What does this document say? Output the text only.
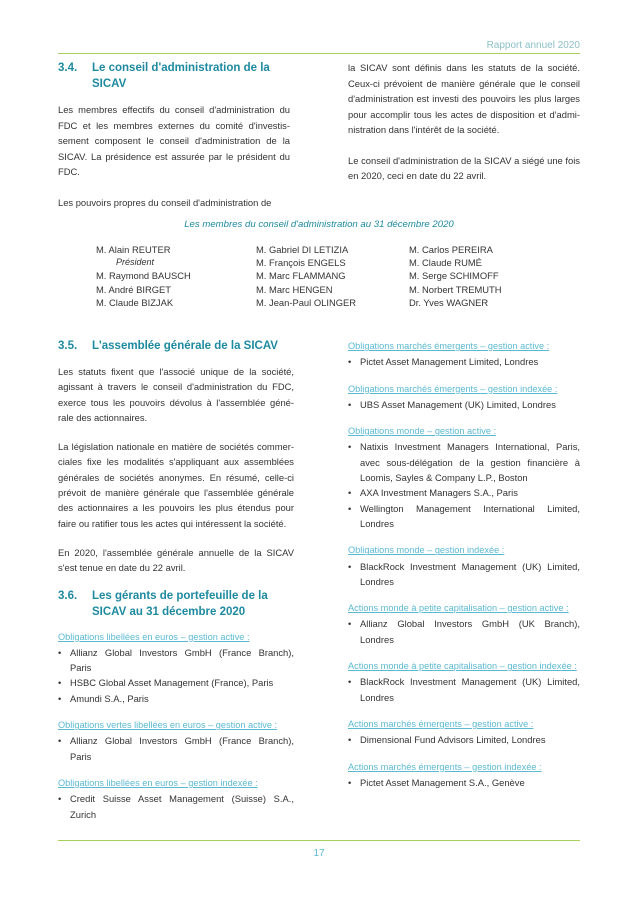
Rapport annuel 2020
3.4. Le conseil d'administration de la
SICAV

Les membres effectifs du conseil d'administration du FDC et les membres externes du comité d'investis-sement composent le conseil d'administration de la SICAV. La présidence est assurée par le président du FDC.

Les pouvoirs propres du conseil d'administration de

la SICAV sont définis dans les statuts de la société. Ceux-ci prévoient de manière générale que le conseil d'administration est investi des pouvoirs les plus larges pour accomplir tous les actes de disposition et d'admi-nistration dans l'intérêt de la société.

Le conseil d'administration de la SICAV a siégé une fois en 2020, ceci en date du 22 avril.

Les membres du conseil d'administration au 31 décembre 2020
M. Alain REUTER
Président
M. Raymond BAUSCH
M. André BIRGET
M. Claude BIZJAK
M. Gabriel DI LETIZIA
M. François ENGELS
M. Marc FLAMMANG
M. Marc HENGEN
M. Jean-Paul OLINGER
M. Carlos PEREIRA
M. Claude RUMÉ
M. Serge SCHIMOFF
M. Norbert TREMUTH
Dr. Yves WAGNER
3.5. L'assemblée générale de la SICAV

Les statuts fixent que l'associé unique de la société, agissant à travers le conseil d'administration du FDC, exerce tous les pouvoirs dévolus à l'assemblée géné-rale des actionnaires.

La législation nationale en matière de sociétés commer-ciales fixe les modalités s'appliquant aux assemblées générales de sociétés anonymes. En résumé, celle-ci prévoit de manière générale que l'assemblée générale des actionnaires a les pouvoirs les plus étendus pour faire ou ratifier tous les actes qui intéressent la société.

En 2020, l'assemblée générale annuelle de la SICAV s'est tenue en date du 22 avril.

3.6. Les gérants de portefeuille de la
SICAV au 31 décembre 2020
Obligations libellées en euros – gestion active :
• Allianz Global Investors GmbH (France Branch), Paris
• HSBC Global Asset Management (France), Paris
• Amundi S.A., Paris
Obligations vertes libellées en euros – gestion active :
• Allianz Global Investors GmbH (France Branch), Paris
Obligations libellées en euros – gestion indexée :
• Credit Suisse Asset Management (Suisse) S.A., Zurich
Obligations marchés émergents – gestion active :
• Pictet Asset Management Limited, Londres
Obligations marchés émergents – gestion indexée :
• UBS Asset Management (UK) Limited, Londres
Obligations monde – gestion active :
• Natixis Investment Managers International, Paris, avec sous-délégation de la gestion financière à Loomis, Sayles & Company L.P., Boston
• AXA Investment Managers S.A., Paris
• Wellington Management International Limited, Londres
Obligations monde – gestion indexée :
• BlackRock Investment Management (UK) Limited, Londres
Actions monde à petite capitalisation – gestion active :
• Allianz Global Investors GmbH (UK Branch), Londres
Actions monde à petite capitalisation – gestion indexée :
• BlackRock Investment Management (UK) Limited, Londres
Actions marchés émergents – gestion active :
• Dimensional Fund Advisors Limited, Londres
Actions marchés émergents – gestion indexée :
• Pictet Asset Management S.A., Genève
17
